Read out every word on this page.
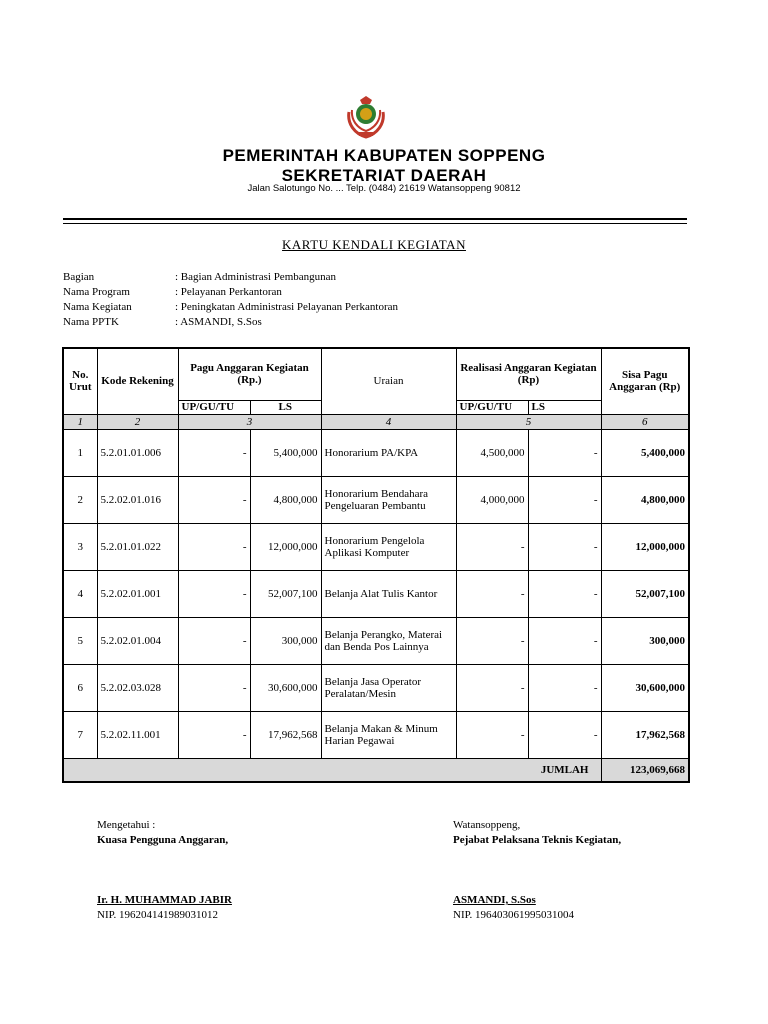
PEMERINTAH KABUPATEN SOPPENG
SEKRETARIAT DAERAH
Jalan Salotungo No. ... Telp. (0484) 21619 Watansoppeng 90812
KARTU KENDALI KEGIATAN
Bagian	: Bagian Administrasi Pembangunan
Nama Program	: Pelayanan Perkantoran
Nama Kegiatan	: Peningkatan Administrasi Pelayanan Perkantoran
Nama PPTK	: ASMANDI, S.Sos
No. Urut	Kode Rekening	Pagu Anggaran Kegiatan (Rp.)		Uraian	Realisasi Anggaran Kegiatan (Rp)		Sisa Pagu Anggaran (Rp)
		UP/GU/TU	LS		UP/GU/TU	LS	
1	2	3		4	5		6
1	5.2.01.01.006	-	5,400,000	Honorarium PA/KPA	4,500,000	-	5,400,000
2	5.2.02.01.016	-	4,800,000	Honorarium Bendahara Pengeluaran Pembantu	4,000,000	-	4,800,000
3	5.2.01.01.022	-	12,000,000	Honorarium Pengelola Aplikasi Komputer	-	-	12,000,000
4	5.2.02.01.001	-	52,007,100	Belanja Alat Tulis Kantor	-	-	52,007,100
5	5.2.02.01.004	-	300,000	Belanja Perangko, Materai dan Benda Pos Lainnya	-	-	300,000
6	5.2.02.03.028	-	30,600,000	Belanja Jasa Operator Peralatan/Mesin	-	-	30,600,000
7	5.2.02.11.001	-	17,962,568	Belanja Makan & Minum Harian Pegawai	-	-	17,962,568
JUMLAH							123,069,668
Mengetahui :
Kuasa Pengguna Anggaran,
Ir. H. MUHAMMAD JABIR
NIP. 196204141989031012
Watansoppeng,
Pejabat Pelaksana Teknis Kegiatan,
ASMANDI, S.Sos
NIP. 196403061995031004
